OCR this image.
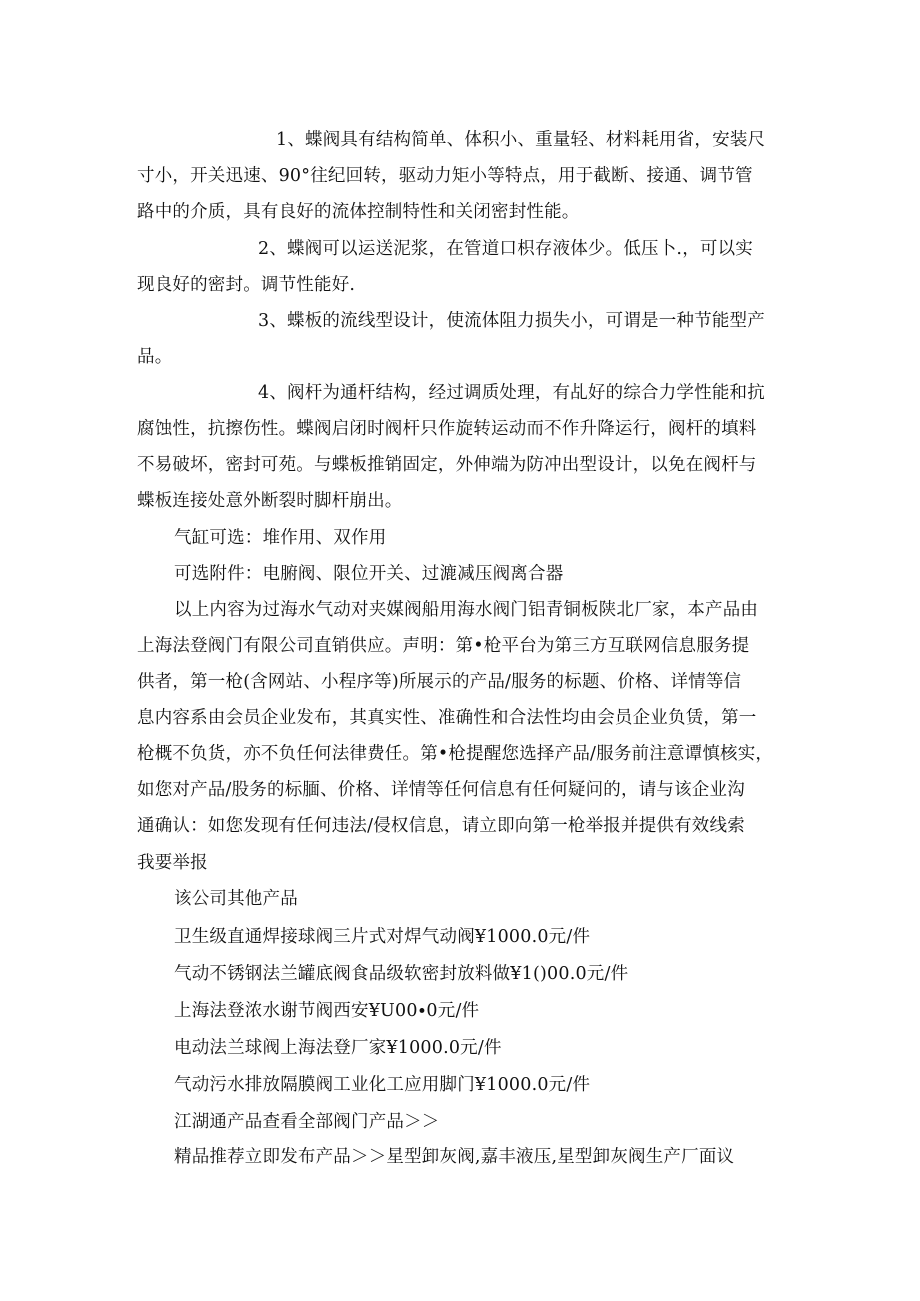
1、蝶阀具有结构简单、体积小、重量轻、材料耗用省，安装尺
寸小，开关迅速、90°往纪回转，驱动力矩小等特点，用于截断、接通、调节管
路中的介质，具有良好的流体控制特性和关闭密封性能。
2、蝶阀可以运送泥浆，在管道口枳存液体少。低压卜.，可以实
现良好的密封。调节性能好.
3、蝶板的流线型设计，使流体阻力损失小，可谓是一种节能型产
品。
4、阀杆为通杆结构，经过调质处理，有乩好的综合力学性能和抗
腐蚀性，抗擦伤性。蝶阀启闭时阀杆只作旋转运动而不作升降运行，阀杆的填料
不易破坏，密封可苑。与蝶板推销固定，外伸端为防冲出型设计，以免在阀杆与
蝶板连接处意外断裂时脚杆崩出。
气缸可选：堆作用、双作用
可选附件：电腑阀、限位开关、过漉减压阀离合器
以上内容为过海水气动对夹媒阀船用海水阀门铝青铜板陕北厂家，本产品由
上海法登阀门有限公司直销供应。声明：第•枪平台为第三方互联网信息服务提
供者，第一枪(含网站、小程序等)所展示的产品/服务的标题、价格、详情等信
息内容系由会员企业发布，其真实性、准确性和合法性均由会员企业负赁，第一
枪概不负货，亦不负任何法律费任。第•枪提醒您选择产品/服务前注意谭慎核实，
如您对产品/股务的标腼、价格、详情等任何信息有任何疑问的，请与该企业沟
通确认：如您发现有任何违法/侵权信息，请立即向第一枪举报并提供有效线索
我要举报
该公司其他产品
卫生级直通焊接球阀三片式对焊气动阀¥1000.0元/件
气动不锈钢法兰罐底阀食品级软密封放料做¥1()00.0元/件
上海法登浓水谢节阀西安¥U00∙0元/件
电动法兰球阀上海法登厂家¥1000.0元/件
气动污水排放隔膜阀工业化工应用脚门¥1000.0元/件
江湖通产品查看全部阀门产品＞＞
精品推荐立即发布产品＞＞星型卸灰阀,嘉丰液压,星型卸灰阀生产厂面议
